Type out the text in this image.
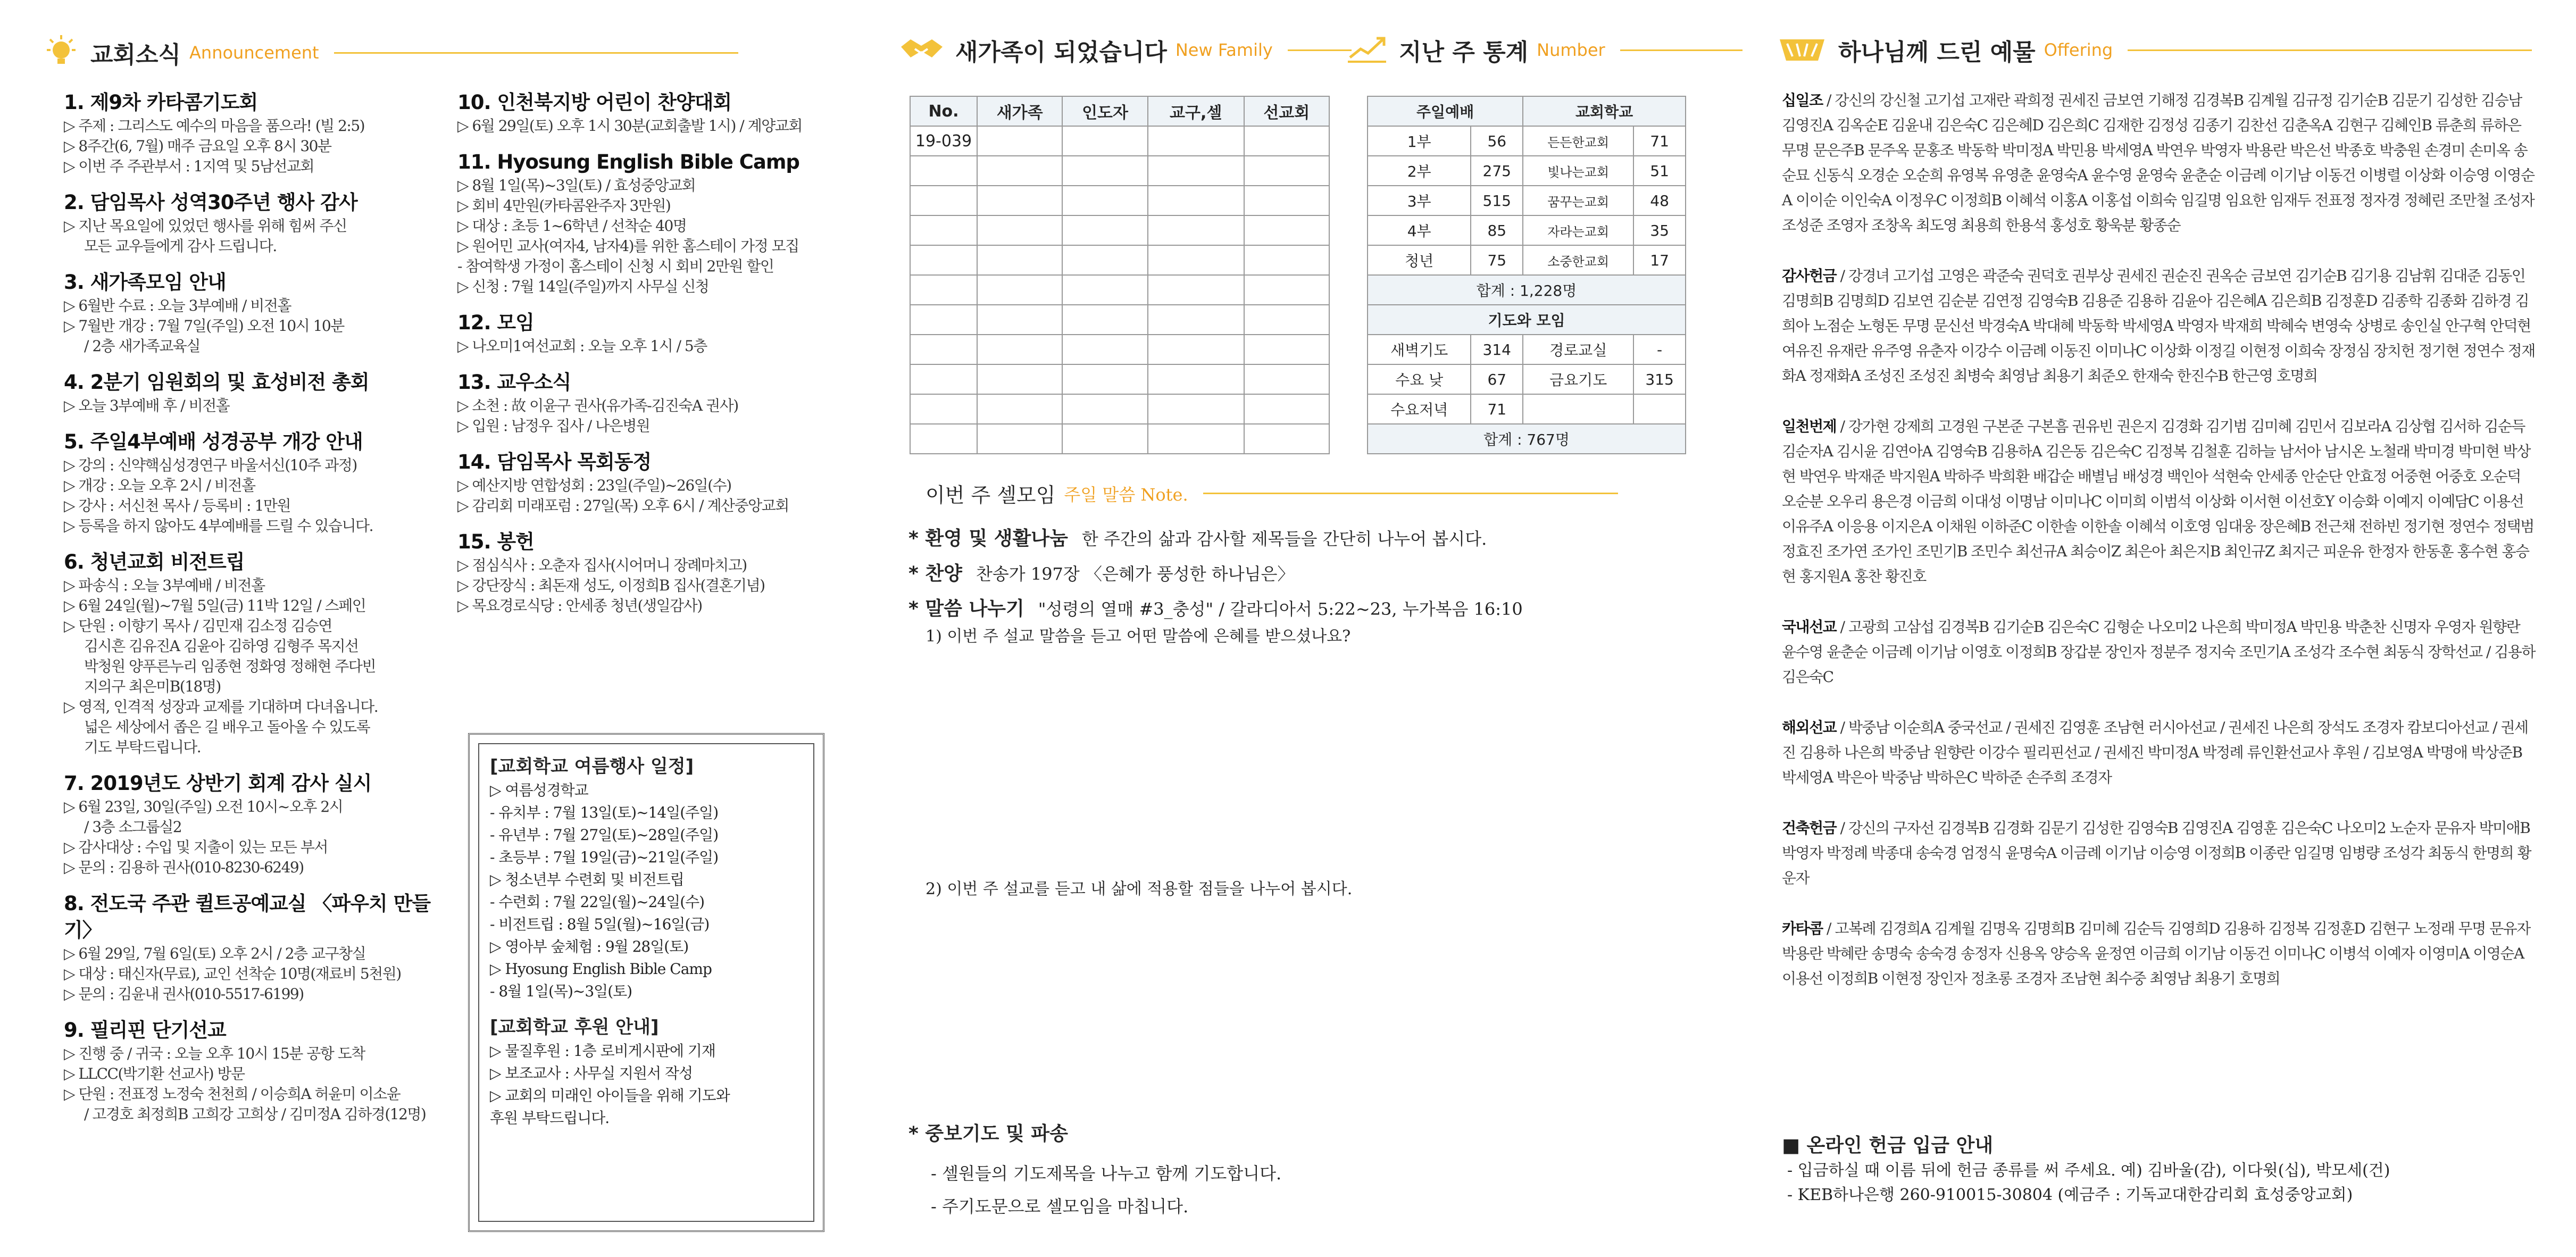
교회소식 Announcement
1. 제9차 카타콤기도회

▷ 주제 : 그리스도 예수의 마음을 품으라! (빌 2:5)

▷ 8주간(6, 7월) 매주 금요일 오후 8시 30분

▷ 이번 주 주관부서 : 1지역 및 5남선교회

2. 담임목사 성역30주년 행사 감사

▷ 지난 목요일에 있었던 행사를 위해 힘써 주신

모든 교우들에게 감사 드립니다.

3. 새가족모임 안내

▷ 6월반 수료 : 오늘 3부예배 / 비전홀

▷ 7월반 개강 : 7월 7일(주일) 오전 10시 10분

/ 2층 새가족교육실

4. 2분기 임원회의 및 효성비전 총회

▷ 오늘 3부예배 후 / 비전홀

5. 주일4부예배 성경공부 개강 안내

▷ 강의 : 신약핵심성경연구 바울서신(10주 과정)

▷ 개강 : 오늘 오후 2시 / 비전홀

▷ 강사 : 서신천 목사 / 등록비 : 1만원

▷ 등록을 하지 않아도 4부예배를 드릴 수 있습니다.

6. 청년교회 비전트립

▷ 파송식 : 오늘 3부예배 / 비전홀

▷ 6월 24일(월)~7월 5일(금) 11박 12일 / 스페인

▷ 단원 : 이향기 목사 / 김민재 김소정 김승연

김시흔 김유진A 김윤아 김하영 김형주 목지선

박청원 양푸른누리 임종현 정화영 정해현 주다빈

지의구 최은미B(18명)

▷ 영적, 인격적 성장과 교제를 기대하며 다녀옵니다.

넓은 세상에서 좁은 길 배우고 돌아올 수 있도록

기도 부탁드립니다.

7. 2019년도 상반기 회계 감사 실시

▷ 6월 23일, 30일(주일) 오전 10시~오후 2시

/ 3층 소그룹실2

▷ 감사대상 : 수입 및 지출이 있는 모든 부서

▷ 문의 : 김용하 권사(010-8230-6249)

8. 전도국 주관 퀼트공예교실 〈파우치 만들기〉

▷ 6월 29일, 7월 6일(토) 오후 2시 / 2층 교구창실

▷ 대상 : 태신자(무료), 교인 선착순 10명(재료비 5천원)

▷ 문의 : 김윤내 권사(010-5517-6199)

9. 필리핀 단기선교

▷ 진행 중 / 귀국 : 오늘 오후 10시 15분 공항 도착

▷ LLCC(박기환 선교사) 방문

▷ 단원 : 전표정 노정숙 천천희 / 이승희A 허윤미 이소윤

/ 고경호 최정희B 고희강 고희상 / 김미정A 김하경(12명)

10. 인천북지방 어린이 찬양대회

▷ 6월 29일(토) 오후 1시 30분(교회출발 1시) / 계양교회

11. Hyosung English Bible Camp

▷ 8월 1일(목)~3일(토) / 효성중앙교회

▷ 회비 4만원(카타콤완주자 3만원)

▷ 대상 : 초등 1~6학년 / 선착순 40명

▷ 원어민 교사(여자4, 남자4)를 위한 홈스테이 가정 모집

- 참여학생 가정이 홈스테이 신청 시 회비 2만원 할인

▷ 신청 : 7월 14일(주일)까지 사무실 신청

12. 모임

▷ 나오미1여선교회 : 오늘 오후 1시 / 5층

13. 교우소식

▷ 소천 : 故 이윤구 권사(유가족-김진숙A 권사)

▷ 입원 : 남정우 집사 / 나은병원

14. 담임목사 목회동정

▷ 예산지방 연합성회 : 23일(주일)~26일(수)

▷ 감리회 미래포럼 : 27일(목) 오후 6시 / 계산중앙교회

15. 봉헌

▷ 점심식사 : 오춘자 집사(시어머니 장례마치고)

▷ 강단장식 : 최돈재 성도, 이정희B 집사(결혼기념)

▷ 목요경로식당 : 안세종 청년(생일감사)

[교회학교 여름행사 일정]

▷ 여름성경학교

- 유치부 : 7월 13일(토)~14일(주일)

- 유년부 : 7월 27일(토)~28일(주일)

- 초등부 : 7월 19일(금)~21일(주일)

▷ 청소년부 수련회 및 비전트립

- 수련회 : 7월 22일(월)~24일(수)

- 비전트립 : 8월 5일(월)~16일(금)

▷ 영아부 숲체험 : 9월 28일(토)

▷ Hyosung English Bible Camp

- 8월 1일(목)~3일(토)

[교회학교 후원 안내]

▷ 물질후원 : 1층 로비게시판에 기재

▷ 보조교사 : 사무실 지원서 작성

▷ 교회의 미래인 아이들을 위해 기도와

후원 부탁드립니다.

새가족이 되었습니다 New Family	지난 주 통계 Number
No.	새가족	인도자	교구,셀	선교회
19-039				

주일예배		교회학교	
1부	56	든든한교회	71
2부	275	빛나는교회	51
3부	515	꿈꾸는교회	48
4부	85	자라는교회	35
청년	75	소중한교회	17
합계 : 1,228명			
기도와 모임			
새벽기도	314	경로교실	-
수요 낮	67	금요기도	315
수요저녁	71		
합계 : 767명			
이번 주 셀모임 주일 말씀 Note.
* 환영 및 생활나눔 한 주간의 삶과 감사할 제목들을 간단히 나누어 봅시다.
* 찬양 찬송가 197장 〈은혜가 풍성한 하나님은〉
* 말씀 나누기 "성령의 열매 #3_충성" / 갈라디아서 5:22~23, 누가복음 16:10
1) 이번 주 설교 말씀을 듣고 어떤 말씀에 은혜를 받으셨나요?
2) 이번 주 설교를 듣고 내 삶에 적용할 점들을 나누어 봅시다.
* 중보기도 및 파송

- 셀원들의 기도제목을 나누고 함께 기도합니다.

- 주기도문으로 셀모임을 마칩니다.

하나님께 드린 예물 Offering

십일조 / 강신의 강신철 고기섭 고재란 곽희정 권세진 금보연 기해정 김경복B 김계월 김규정 김기순B 김문기 김성한 김승남 김영진A 김옥순E 김윤내 김은숙C 김은혜D 김은희C 김재한 김정성 김종기 김찬선 김춘옥A 김현구 김혜인B 류춘희 류하은 무명 문은주B 문주옥 문홍조 박동학 박미정A 박민용 박세영A 박연우 박영자 박용란 박은선 박종호 박충원 손경미 손미옥 송순묘 신동식 오경순 오순희 유영복 유영춘 윤영숙A 윤수영 윤영숙 윤춘순 이금례 이기남 이동건 이병렬 이상화 이승영 이영순A 이이순 이인숙A 이정우C 이정희B 이혜석 이홍A 이홍섭 이희숙 임길명 임요한 임재두 전표정 정자경 정혜린 조만철 조성자 조성준 조영자 조창옥 최도영 최용희 한용석 홍성호 황욱분 황종순

감사헌금 / 강경녀 고기섭 고영은 곽준숙 권덕호 권부상 권세진 권순진 권옥순 금보연 김기순B 김기용 김남휘 김대준 김동인 김명희B 김명희D 김보연 김순분 김연정 김영숙B 김용준 김용하 김윤아 김은혜A 김은희B 김정훈D 김종학 김종화 김하경 김희아 노점순 노형돈 무명 문신선 박경숙A 박대혜 박동학 박세영A 박영자 박재희 박혜숙 변영숙 상병로 송인실 안구혁 안덕현 여유진 유재란 유주영 유춘자 이강수 이금례 이동진 이미나C 이상화 이정길 이현정 이희숙 장정심 장치헌 정기현 정연수 정재화A 정재화A 조성진 조성진 최병숙 최영남 최용기 최준오 한재숙 한진수B 한근영 호명희

일천번제 / 강가현 강제희 고경원 구본준 구본흠 권유빈 권은지 김경화 김기범 김미혜 김민서 김보라A 김상협 김서하 김순득 김순자A 김시윤 김연아A 김영숙B 김용하A 김은동 김은숙C 김정복 김철훈 김하늘 남서아 남시온 노철래 박미경 박미현 박상현 박연우 박재준 박지원A 박하주 박희환 배갑순 배별님 배성경 백인아 석현숙 안세종 안순단 안효정 어중현 어중호 오순덕 오순분 오우리 용은경 이금희 이대성 이명남 이미나C 이미희 이범석 이상화 이서현 이선호Y 이승화 이예지 이예담C 이용선 이유주A 이응용 이지은A 이채원 이하준C 이한솔 이한솔 이혜석 이호영 임대웅 장은혜B 전근채 전하빈 정기현 정연수 정택범 정효진 조가연 조가인 조민기B 조민수 최선규A 최승이Z 최은아 최은지B 최인규Z 최지근 피운유 한정자 한동훈 홍수현 홍승현 홍지원A 홍찬 황진호

국내선교 / 고광희 고삼섭 김경복B 김기순B 김은숙C 김형순 나오미2 나은희 박미정A 박민용 박춘찬 신명자 우영자 원향란 윤수영 윤춘순 이금례 이기남 이영호 이정희B 장갑분 장인자 정분주 정지숙 조민기A 조성각 조수현 최동식 장학선교 / 김용하 김은숙C

해외선교 / 박중남 이순희A 중국선교 / 권세진 김영훈 조남현 러시아선교 / 권세진 나은희 장석도 조경자 캄보디아선교 / 권세진 김용하 나은희 박중남 원향란 이강수 필리핀선교 / 권세진 박미정A 박정례 류인환선교사 후원 / 김보영A 박명애 박상준B 박세영A 박은아 박중남 박하은C 박하준 손주희 조경자

건축헌금 / 강신의 구자선 김경복B 김경화 김문기 김성한 김영숙B 김영진A 김영훈 김은숙C 나오미2 노순자 문유자 박미애B 박영자 박정례 박종대 송숙경 엄정식 윤명숙A 이금례 이기남 이승영 이정희B 이종란 임길명 임병량 조성각 최동식 한명희 황운자

카타콤 / 고복례 김경희A 김계월 김명옥 김명희B 김미혜 김순득 김영희D 김용하 김정복 김정훈D 김현구 노정래 무명 문유자 박용란 박혜란 송명숙 송숙경 송정자 신용옥 양승옥 윤정연 이금희 이기남 이동건 이미나C 이병석 이예자 이영미A 이영순A 이용선 이정희B 이현정 장인자 정초롱 조경자 조남현 최수중 최영남 최용기 호명희

■ 온라인 헌금 입금 안내

- 입금하실 때 이름 뒤에 헌금 종류를 써 주세요. 예) 김바울(감), 이다윗(십), 박모세(건)

- KEB하나은행 260-910015-30804 (예금주 : 기독교대한감리회 효성중앙교회)
